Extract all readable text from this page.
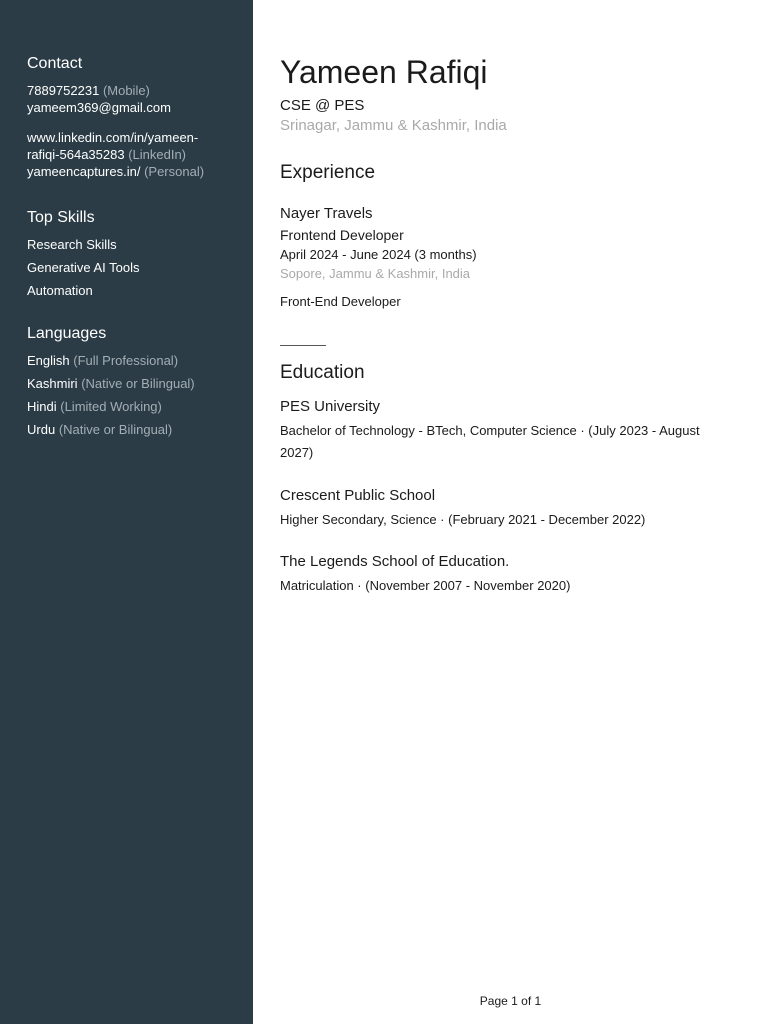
Contact
7889752231 (Mobile)
yameem369@gmail.com
www.linkedin.com/in/yameen-
rafiqi-564a35283 (LinkedIn)
yameencaptures.in/ (Personal)
Top Skills
Research Skills
Generative AI Tools
Automation
Languages
English (Full Professional)
Kashmiri (Native or Bilingual)
Hindi (Limited Working)
Urdu (Native or Bilingual)
Yameen Rafiqi
CSE @ PES
Srinagar, Jammu & Kashmir, India
Experience
Nayer Travels
Frontend Developer
April 2024 - June 2024 (3 months)
Sopore, Jammu & Kashmir, India
Front-End Developer
Education
PES University
Bachelor of Technology - BTech, Computer Science · (July 2023 - August 2027)
Crescent Public School
Higher Secondary, Science · (February 2021 - December 2022)
The Legends School of Education.
Matriculation · (November 2007 - November 2020)
Page 1 of 1
